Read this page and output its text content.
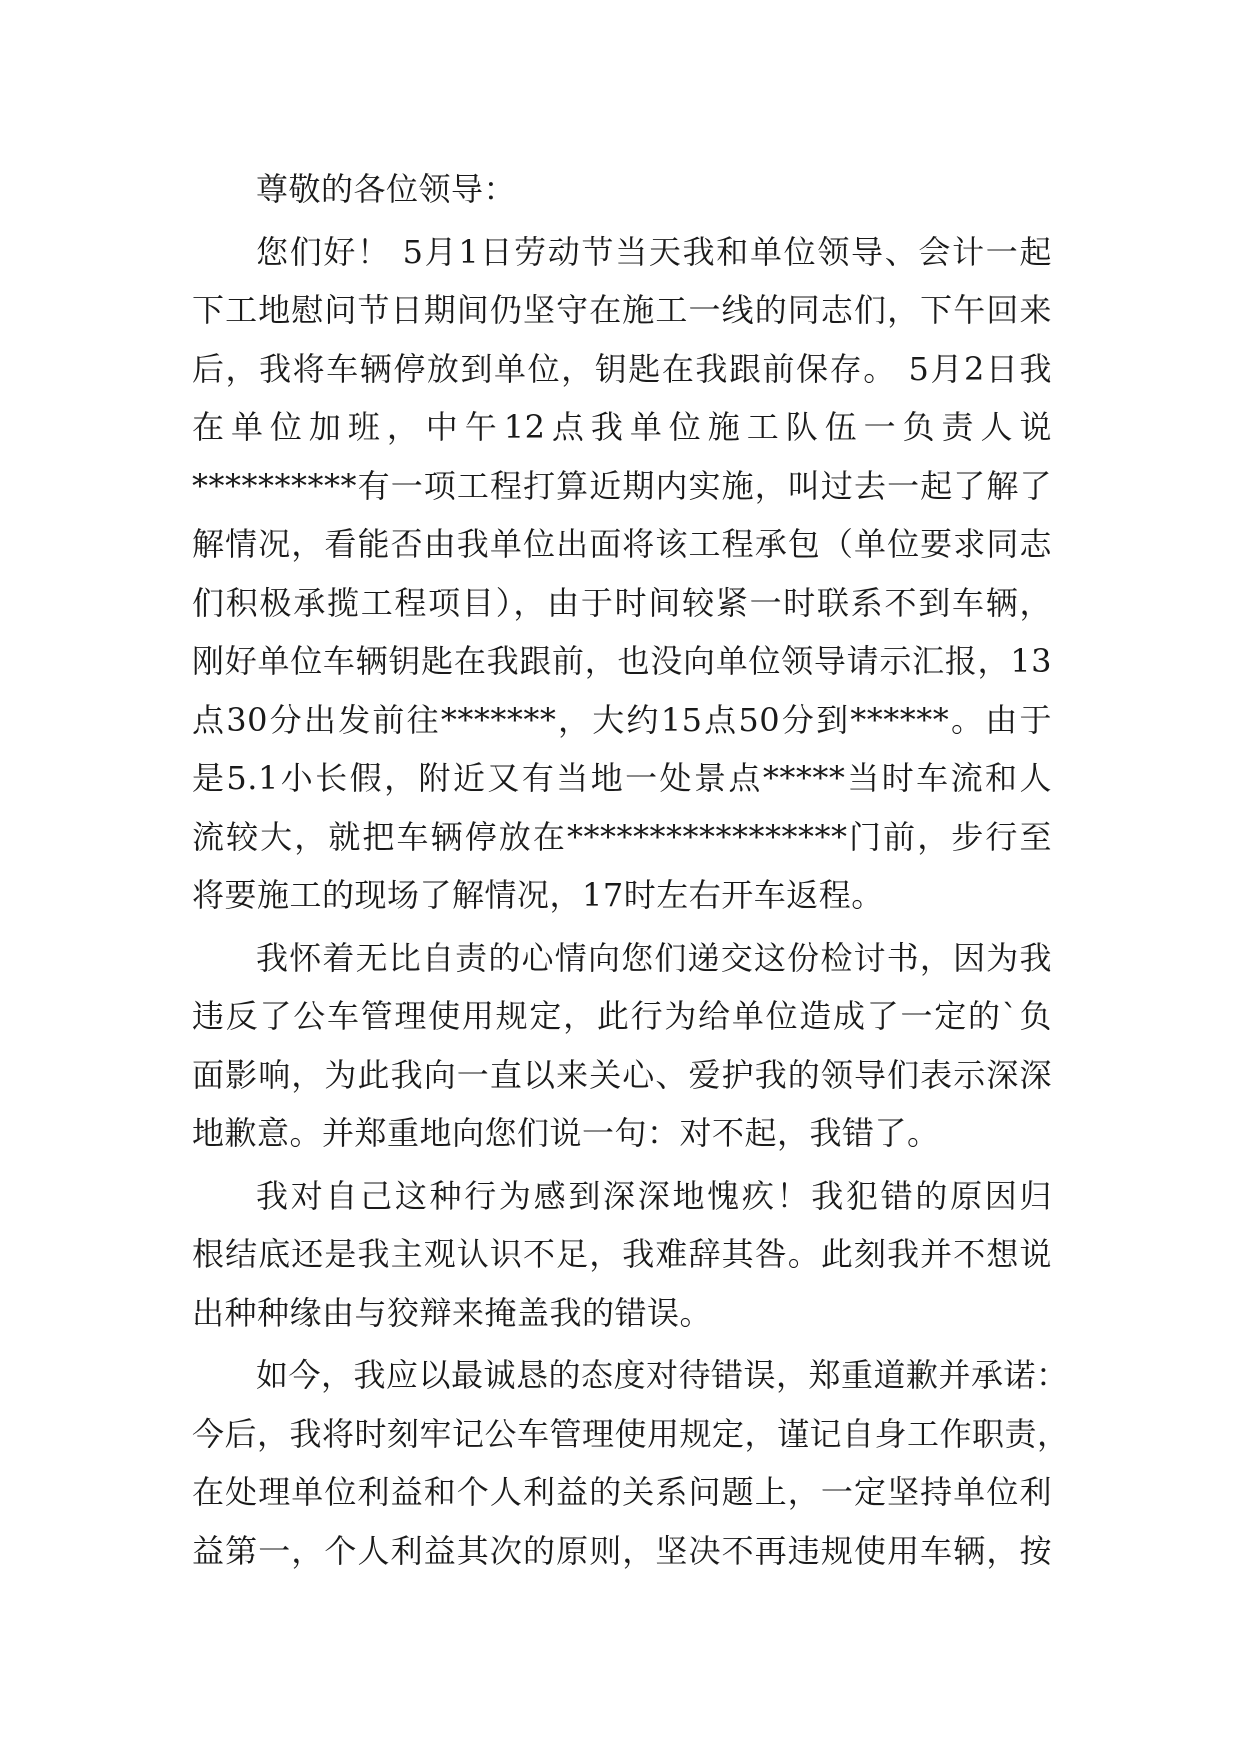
尊敬的各位领导：
您们好！ 5月1日劳动节当天我和单位领导、会计一起
下工地慰问节日期间仍坚守在施工一线的同志们，下午回来
后，我将车辆停放到单位，钥匙在我跟前保存。 5月2日我
在单位加班，中午12点我单位施工队伍一负责人说
**********有一项工程打算近期内实施，叫过去一起了解了
解情况，看能否由我单位出面将该工程承包（单位要求同志
们积极承揽工程项目），由于时间较紧一时联系不到车辆，
刚好单位车辆钥匙在我跟前，也没向单位领导请示汇报，13
点30分出发前往*******，大约15点50分到******。由于
是5.1小长假，附近又有当地一处景点*****当时车流和人
流较大，就把车辆停放在*****************门前，步行至
将要施工的现场了解情况，17时左右开车返程。
我怀着无比自责的心情向您们递交这份检讨书，因为我
违反了公车管理使用规定，此行为给单位造成了一定的`负
面影响，为此我向一直以来关心、爱护我的领导们表示深深
地歉意。并郑重地向您们说一句：对不起，我错了。
我对自己这种行为感到深深地愧疚！我犯错的原因归
根结底还是我主观认识不足，我难辞其咎。此刻我并不想说
出种种缘由与狡辩来掩盖我的错误。
如今，我应以最诚恳的态度对待错误，郑重道歉并承诺：
今后，我将时刻牢记公车管理使用规定，谨记自身工作职责，
在处理单位利益和个人利益的关系问题上，一定坚持单位利
益第一，个人利益其次的原则，坚决不再违规使用车辆，按
